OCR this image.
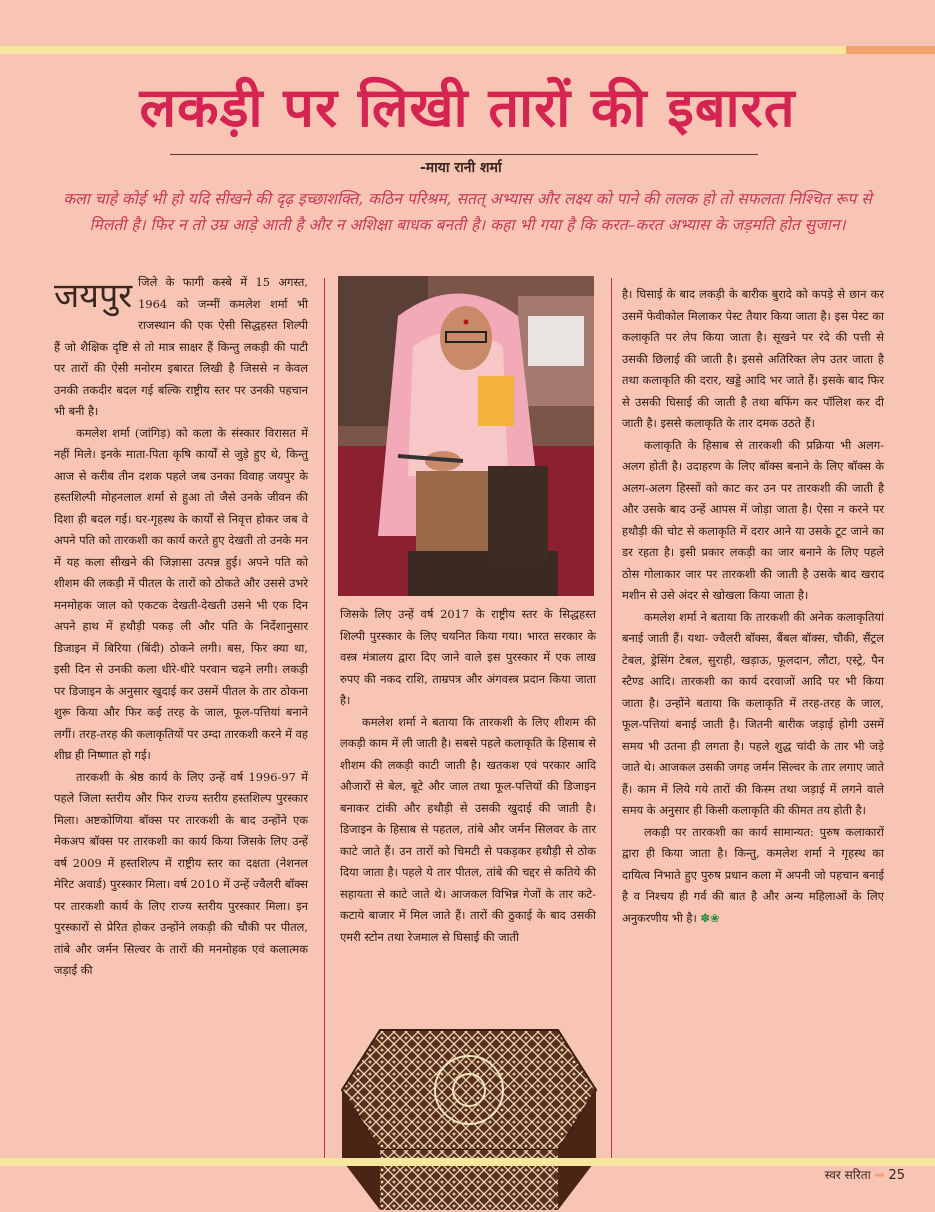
लकड़ी पर लिखी तारों की इबारत
-माया रानी शर्मा
कला चाहे कोई भी हो यदि सीखने की दृढ़ इच्छाशक्ति, कठिन परिश्रम, सतत् अभ्यास और लक्ष्य को पाने की ललक हो तो सफलता निश्चित रूप से मिलती है। फिर न तो उम्र आड़े आती है और न अशिक्षा बाधक बनती है। कहा भी गया है कि करत–करत अभ्यास के जड़मति होत सुजान।

जयपुर जिले के फागी कस्बे में 15 अगस्त, 1964 को जन्मीं कमलेश शर्मा भी राजस्थान की एक ऐसी सिद्धहस्त शिल्पी हैं जो शैक्षिक दृष्टि से तो मात्र साक्षर हैं किन्तु लकड़ी की पाटी पर तारों की ऐसी मनोरम इबारत लिखी है जिससे न केवल उनकी तकदीर बदल गई बल्कि राष्ट्रीय स्तर पर उनकी पहचान भी बनी है।

कमलेश शर्मा (जांगिड़) को कला के संस्कार विरासत में नहीं मिले। इनके माता-पिता कृषि कार्यों से जुड़े हुए थे, किन्तु आज से करीब तीन दशक पहले जब उनका विवाह जयपुर के हस्तशिल्पी मोहनलाल शर्मा से हुआ तो जैसे उनके जीवन की दिशा ही बदल गई। घर-गृहस्थ के कार्यों से निवृत्त होकर जब वे अपने पति को तारकशी का कार्य करते हुए देखती तो उनके मन में यह कला सीखने की जिज्ञासा उत्पन्न हुई। अपने पति को शीशम की लकड़ी में पीतल के तारों को ठोकते और उससे उभरे मनमोहक जाल को एकटक देखती-देखती उसने भी एक दिन अपने हाथ में हथौड़ी पकड़ ली और पति के निर्देशानुसार डिजाइन में बिरिया (बिंदी) ठोकने लगी। बस, फिर क्या था, इसी दिन से उनकी कला धीरे-धीरे परवान चढ़ने लगी। लकड़ी पर डिजाइन के अनुसार खुदाई कर उसमें पीतल के तार ठोकना शुरू किया और फिर कई तरह के जाल, फूल-पत्तियां बनाने लगीं। तरह-तरह की कलाकृतियों पर उम्दा तारकशी करने में वह शीघ्र ही निष्णात हो गई।

तारकशी के श्रेष्ठ कार्य के लिए उन्हें वर्ष 1996-97 में पहले जिला स्तरीय और फिर राज्य स्तरीय हस्तशिल्प पुरस्कार मिला। अष्टकोणिया बॉक्स पर तारकशी के बाद उन्होंने एक मेकअप बॉक्स पर तारकशी का कार्य किया जिसके लिए उन्हें वर्ष 2009 में हस्तशिल्प में राष्ट्रीय स्तर का दक्षता (नेशनल मेरिट अवार्ड) पुरस्कार मिला। वर्ष 2010 में उन्हें ज्वैलरी बॉक्स पर तारकशी कार्य के लिए राज्य स्तरीय पुरस्कार मिला। इन पुरस्कारों से प्रेरित होकर उन्होंने लकड़ी की चौकी पर पीतल, तांबे और जर्मन सिल्वर के तारों की मनमोहक एवं कलात्मक जड़ाई की

जिसके लिए उन्हें वर्ष 2017 के राष्ट्रीय स्तर के सिद्धहस्त शिल्पी पुरस्कार के लिए चयनित किया गया। भारत सरकार के वस्त्र मंत्रालय द्वारा दिए जाने वाले इस पुरस्कार में एक लाख रुपए की नकद राशि, ताम्रपत्र और अंगवस्त्र प्रदान किया जाता है।

कमलेश शर्मा ने बताया कि तारकशी के लिए शीशम की लकड़ी काम में ली जाती है। सबसे पहले कलाकृति के हिसाब से शीशम की लकड़ी काटी जाती है। खतकश एवं परकार आदि औजारों से बेल, बूटे और जाल तथा फूल-पत्तियों की डिजाइन बनाकर टांकी और हथौड़ी से उसकी खुदाई की जाती है। डिजाइन के हिसाब से पहतल, तांबे और जर्मन सिलवर के तार काटे जाते हैं। उन तारों को चिमटी से पकड़कर हथौड़ी से ठोक दिया जाता है। पहले ये तार पीतल, तांबे की चद्दर से कतिये की सहायता से काटे जाते थे। आजकल विभिन्न गेजों के तार कटे-कटाये बाजार में मिल जाते हैं। तारों की ठुकाई के बाद उसकी एमरी स्टोन तथा रेजमाल से घिसाई की जाती

है। घिसाई के बाद लकड़ी के बारीक बुरादे को कपड़े से छान कर उसमें फेवीकोल मिलाकर पेस्ट तैयार किया जाता है। इस पेस्ट का कलाकृति पर लेप किया जाता है। सूखने पर रंदे की पत्ती से उसकी छिलाई की जाती है। इससे अतिरिक्त लेप उतर जाता है तथा कलाकृति की दरार, खड्डे आदि भर जाते हैं। इसके बाद फिर से उसकी घिसाई की जाती है तथा बफिंग कर पॉलिश कर दी जाती है। इससे कलाकृति के तार दमक उठते हैं।

कलाकृति के हिसाब से तारकशी की प्रक्रिया भी अलग-अलग होती है। उदाहरण के लिए बॉक्स बनाने के लिए बॉक्स के अलग-अलग हिस्सों को काट कर उन पर तारकशी की जाती है और उसके बाद उन्हें आपस में जोड़ा जाता है। ऐसा न करने पर हथौड़ी की चोट से कलाकृति में दरार आने या उसके टूट जाने का डर रहता है। इसी प्रकार लकड़ी का जार बनाने के लिए पहले ठोस गोलाकार जार पर तारकशी की जाती है उसके बाद खराद मशीन से उसे अंदर से खोखला किया जाता है।

कमलेश शर्मा ने बताया कि तारकशी की अनेक कलाकृतियां बनाई जाती हैं। यथा- ज्वैलरी बॉक्स, बैंबल बॉक्स, चौकी, सैंट्रल टेबल, ड्रेसिंग टेबल, सुराही, खड़ाऊ, फूलदान, लौटा, एस्ट्रे, पैन स्टैण्ड आदि। तारकशी का कार्य दरवाजों आदि पर भी किया जाता है। उन्होंने बताया कि कलाकृति में तरह-तरह के जाल, फूल-पत्तियां बनाई जाती है। जितनी बारीक जड़ाई होगी उसमें समय भी उतना ही लगता है। पहले शुद्ध चांदी के तार भी जड़े जाते थे। आजकल उसकी जगह जर्मन सिल्वर के तार लगाए जाते हैं। काम में लिये गये तारों की किस्म तथा जड़ाई में लगने वाले समय के अनुसार ही किसी कलाकृति की कीमत तय होती है।

लकड़ी पर तारकशी का कार्य सामान्यत: पुरुष कलाकारों द्वारा ही किया जाता है। किन्तु, कमलेश शर्मा ने गृहस्थ का दायित्व निभाते हुए पुरुष प्रधान कला में अपनी जो पहचान बनाई है व निश्चय ही गर्व की बात है और अन्य महिलाओं के लिए अनुकरणीय भी है। ✽❀

स्वर सरिता ➡ 25
